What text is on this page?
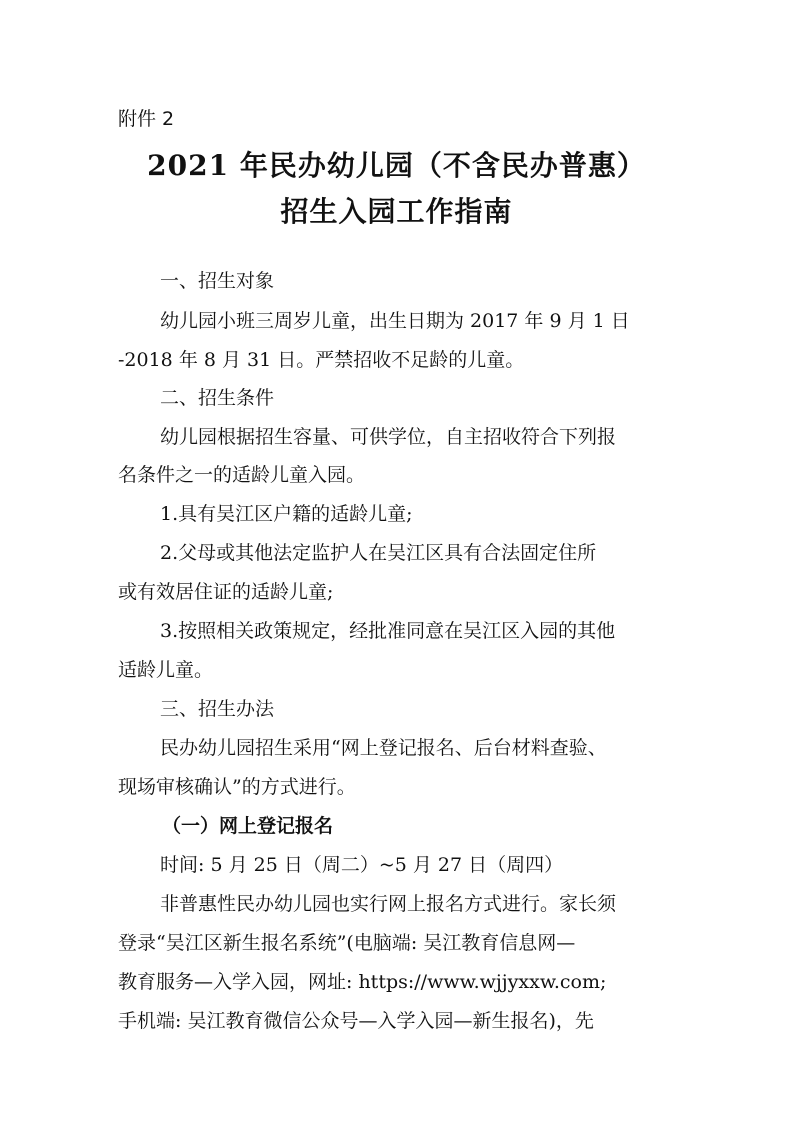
附件 2
2021 年民办幼儿园（不含民办普惠）
招生入园工作指南
一、招生对象
幼儿园小班三周岁儿童，出生日期为 2017 年 9 月 1 日
-2018 年 8 月 31 日。严禁招收不足龄的儿童。
二、招生条件
幼儿园根据招生容量、可供学位，自主招收符合下列报
名条件之一的适龄儿童入园。
1.具有吴江区户籍的适龄儿童;
2.父母或其他法定监护人在吴江区具有合法固定住所
或有效居住证的适龄儿童;
3.按照相关政策规定，经批准同意在吴江区入园的其他
适龄儿童。
三、招生办法
民办幼儿园招生采用“网上登记报名、后台材料查验、
现场审核确认”的方式进行。
（一）网上登记报名
时间: 5 月 25 日（周二）~5 月 27 日（周四）
非普惠性民办幼儿园也实行网上报名方式进行。家长须
登录“吴江区新生报名系统”(电脑端: 吴江教育信息网—
教育服务—入学入园，网址: https://www.wjjyxxw.com;
手机端: 吴江教育微信公众号—入学入园—新生报名)，先
